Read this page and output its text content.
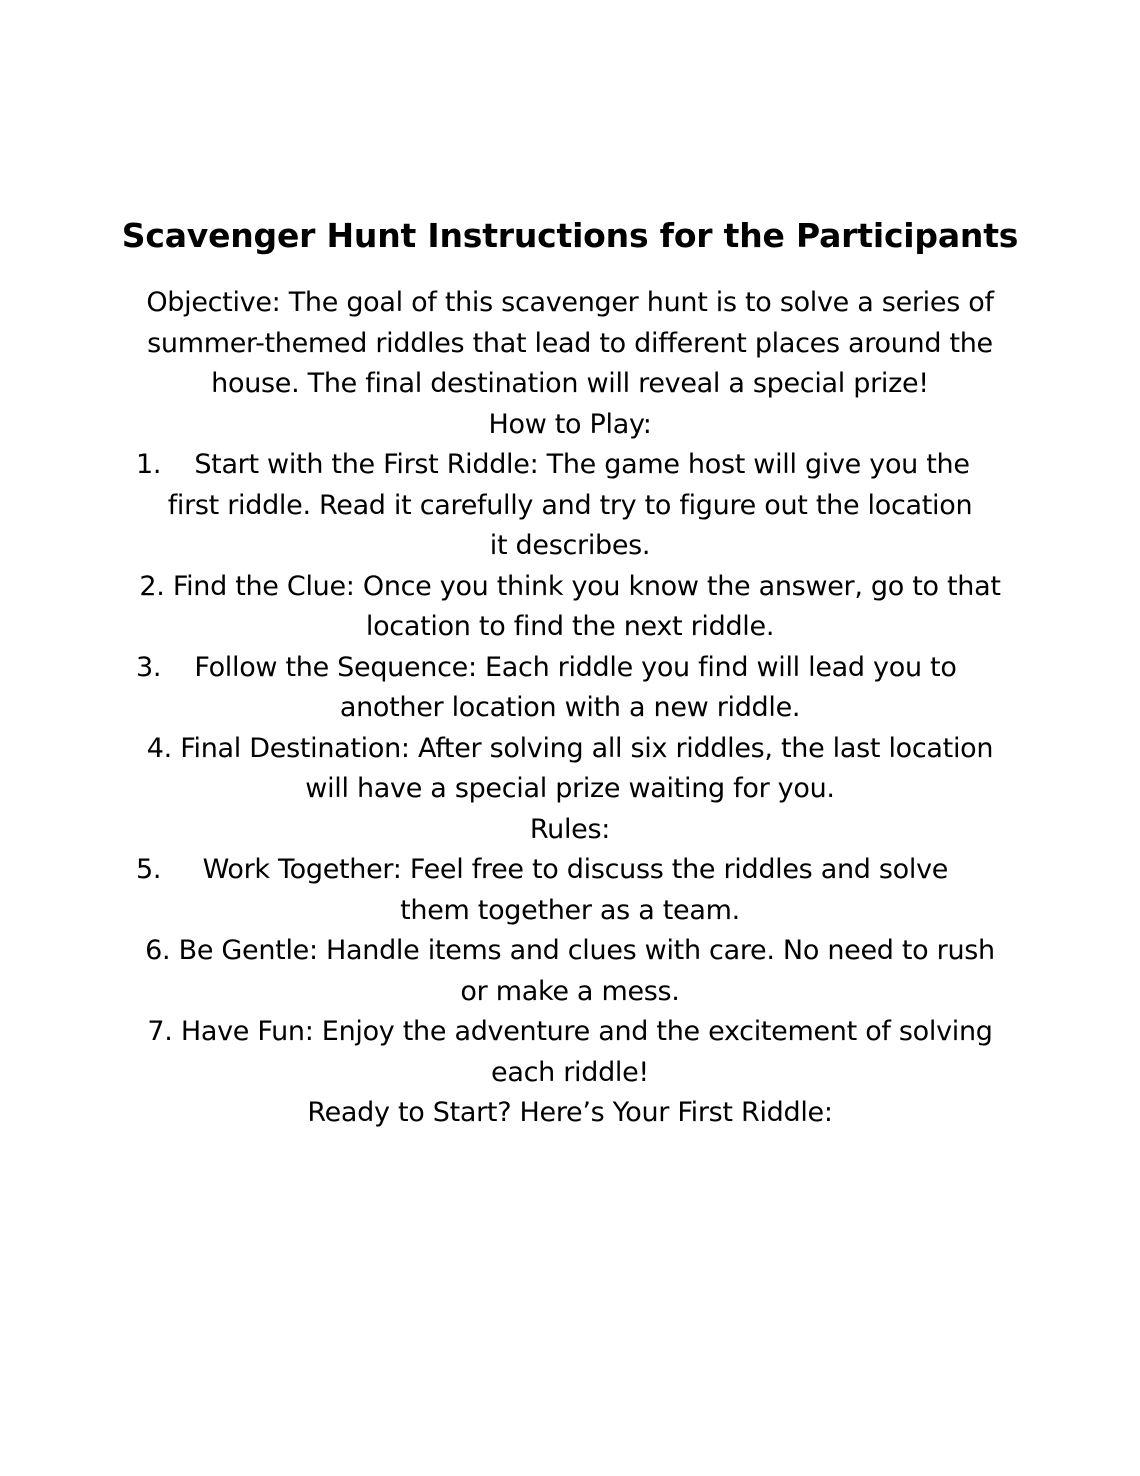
Scavenger Hunt Instructions for the Participants
Objective: The goal of this scavenger hunt is to solve a series of
summer-themed riddles that lead to different places around the
house. The final destination will reveal a special prize!
How to Play:
1. Start with the First Riddle: The game host will give you the
first riddle. Read it carefully and try to figure out the location
it describes.
2. Find the Clue: Once you think you know the answer, go to that
location to find the next riddle.
3. Follow the Sequence: Each riddle you find will lead you to
another location with a new riddle.
4. Final Destination: After solving all six riddles, the last location
will have a special prize waiting for you.
Rules:
5. Work Together: Feel free to discuss the riddles and solve
them together as a team.
6. Be Gentle: Handle items and clues with care. No need to rush
or make a mess.
7. Have Fun: Enjoy the adventure and the excitement of solving
each riddle!
Ready to Start? Here’s Your First Riddle:
